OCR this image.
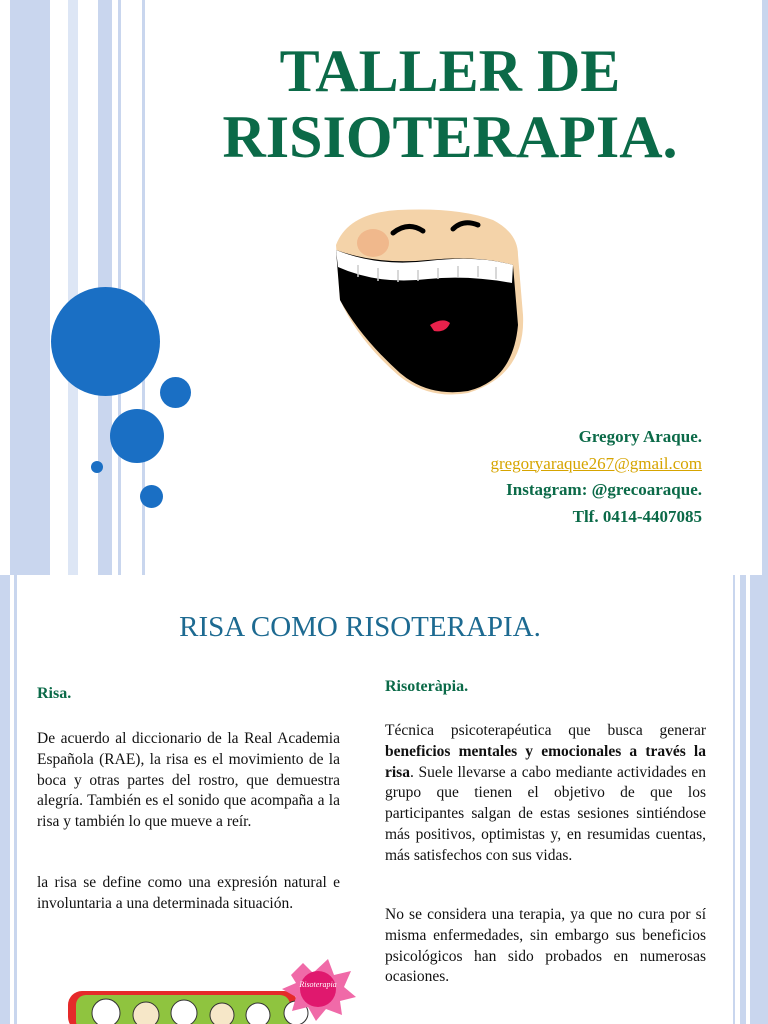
TALLER DE
RISIOTERAPIA.
Gregory Araque.
gregoryaraque267@gmail.com
Instagram: @grecoaraque.
Tlf. 0414-4407085
RISA COMO RISOTERAPIA.
Risa.
De acuerdo al diccionario de la Real Academia Española (RAE), la risa es el movimiento de la boca y otras partes del rostro, que demuestra alegría. También es el sonido que acompaña a la risa y también lo que mueve a reír.
la risa se define como una expresión natural e involuntaria a una determinada situación.
Risoteràpia.
Técnica psicoterapéutica que busca generar beneficios mentales y emocionales a través la risa. Suele llevarse a cabo mediante actividades en grupo que tienen el objetivo de que los participantes salgan de estas sesiones sintiéndose más positivos, optimistas y, en resumidas cuentas, más satisfechos con sus vidas.
No se considera una terapia, ya que no cura por sí misma enfermedades, sin embargo sus beneficios psicológicos han sido probados en numerosas ocasiones.
Risoterapia
